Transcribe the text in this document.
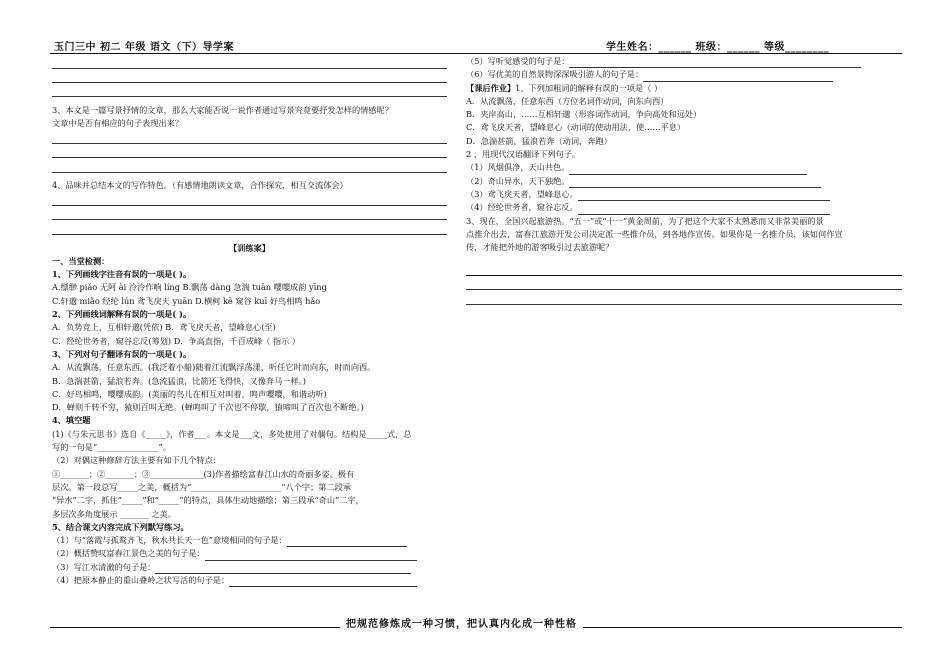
玉门三中 初二 年级 语文（下）导学案	学生姓名：______ 班级：______ 等级________
3、本文是一篇写景抒情的文章，那么大家能否说一说作者通过写景究竟要抒发怎样的情感呢？
文章中是否有相应的句子表现出来？
4、品味并总结本文的写作特色。（有感情地朗读文章，合作探究，相互交流体会）
【训练案】
一、当堂检测：
1、下列画线字注音有误的一项是( )。
A.缥缈 piǎo 无阿 ài 泠泠作响 líng B.飘荡 dàng 急湍 tuān 嘤嘤成韵 yīng
C.轩邈 miǎo 经纶 lún 鸢飞戾天 yuān D.横柯 kē 窥谷 kuī 好鸟相鸣 hǎo
2、下列画线词解释有误的一项是( )。
A．负势竞上，互相轩邈(凭依) B．鸢飞戾天者，望峰息心(至)
C．经纶世务者，窥谷忘反(筹划) D．争高直指，千百成峰（ 指示 ）
3、下列对句子翻译有误的一项是( )。
A．从流飘荡，任意东西。(我泛着小船)随着江流飘浮荡漾，听任它时而向东，时而向西。
B．急湍甚箭，猛浪若奔。(急流猛浪，比箭还飞得快，又像奔马一样。)
C．好鸟相鸣，嘤嘤成韵。(美丽的鸟儿在相互对叫着，鸣声嘤嘤，和谐动听)
D．蝉则千转不穷，猿则百叫无绝。(蝉鸣叫了千次也不停歇，猿啼叫了百次也不断绝。)
4、填空题
(1)《与朱元思书》选自《_____》，作者___。本文是___文，多处使用了对偶句。结构是_____式，总
写的一句是“_______________”。
（2）对偶这种修辞方法主要有如下几个特点：
①_______；②_______；③_____________(3)作者描绘富春江山水的奇丽多姿，极有
层次。第一段总写_____之美，概括为“______________________”八个字；第二段承
“异水”二字，抓住“_____”和“_____”的特点，具体生动地描绘；第三段承“奇山”二字，
多层次多角度展示 _______ 之美。
5、结合课文内容完成下列默写练习。
（1）与“落霞与孤鹜齐飞，秋水共长天一色”意境相同的句子是：
（2）概括赞叹富春江景色之美的句子是：
（3）写江水清澈的句子是：
（4）把原本静止的重山叠岭之状写活的句子是：
（5）写听觉感受的句子是：
（6）写优美的自然景物深深吸引游人的句子是：
【课后作业】1、下列加粗词的解释有误的一项是（ ）
A．从流飘荡，任意东西（方位名词作动词，向东向西）
B．夹岸高山，……互相轩邈（形容词作动词，争向高处和远处）
C．鸢飞戾天者，望峰息心（动词的使动用法，使……平息）
D．急湍甚箭，猛浪若奔（动词，奔跑）
2 、用现代汉语翻译下列句子。
（1）风烟俱净，天山共色。
（2）奇山异水，天下独绝。
（3）鸢飞戾天者，望峰息心。
（4）经纶世务者，窥谷忘反。
3、现在，全国兴起旅游热。“五一”或“十一”黄金周前，为了把这个大家不太熟悉而又非常美丽的景
点推介出去，富春江旅游开发公司决定派一些推介员，到各地作宣传。如果你是一名推介员，该如何作宣
传，才能把外地的游客吸引过去旅游呢？
把规范修炼成一种习惯，把认真内化成一种性格
